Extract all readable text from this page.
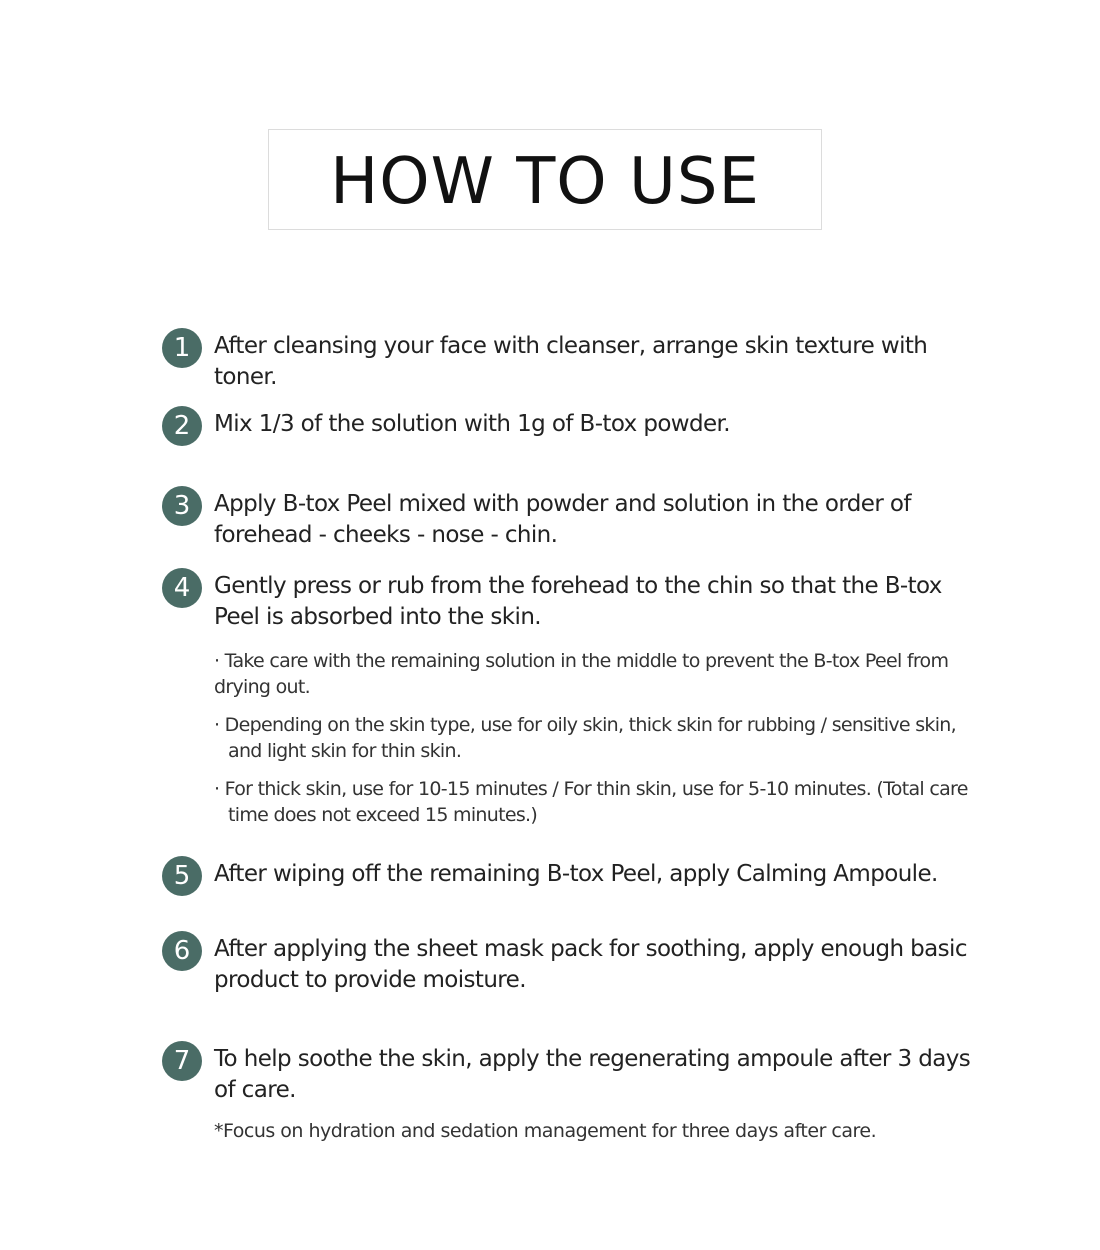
HOW TO USE
1	After cleansing your face with cleanser, arrange skin texture with toner.
2	Mix 1/3 of the solution with 1g of B-tox powder.
3	Apply B-tox Peel mixed with powder and solution in the order of forehead - cheeks - nose - chin.
4	Gently press or rub from the forehead to the chin so that the B-tox Peel is absorbed into the skin.
· Take care with the remaining solution in the middle to prevent the B-tox Peel from drying out.
· Depending on the skin type, use for oily skin, thick skin for rubbing / sensitive skin, and light skin for thin skin.
· For thick skin, use for 10-15 minutes / For thin skin, use for 5-10 minutes. (Total care time does not exceed 15 minutes.)
5	After wiping off the remaining B-tox Peel, apply Calming Ampoule.
6	After applying the sheet mask pack for soothing, apply enough basic product to provide moisture.
7	To help soothe the skin, apply the regenerating ampoule after 3 days of care.
*Focus on hydration and sedation management for three days after care.
